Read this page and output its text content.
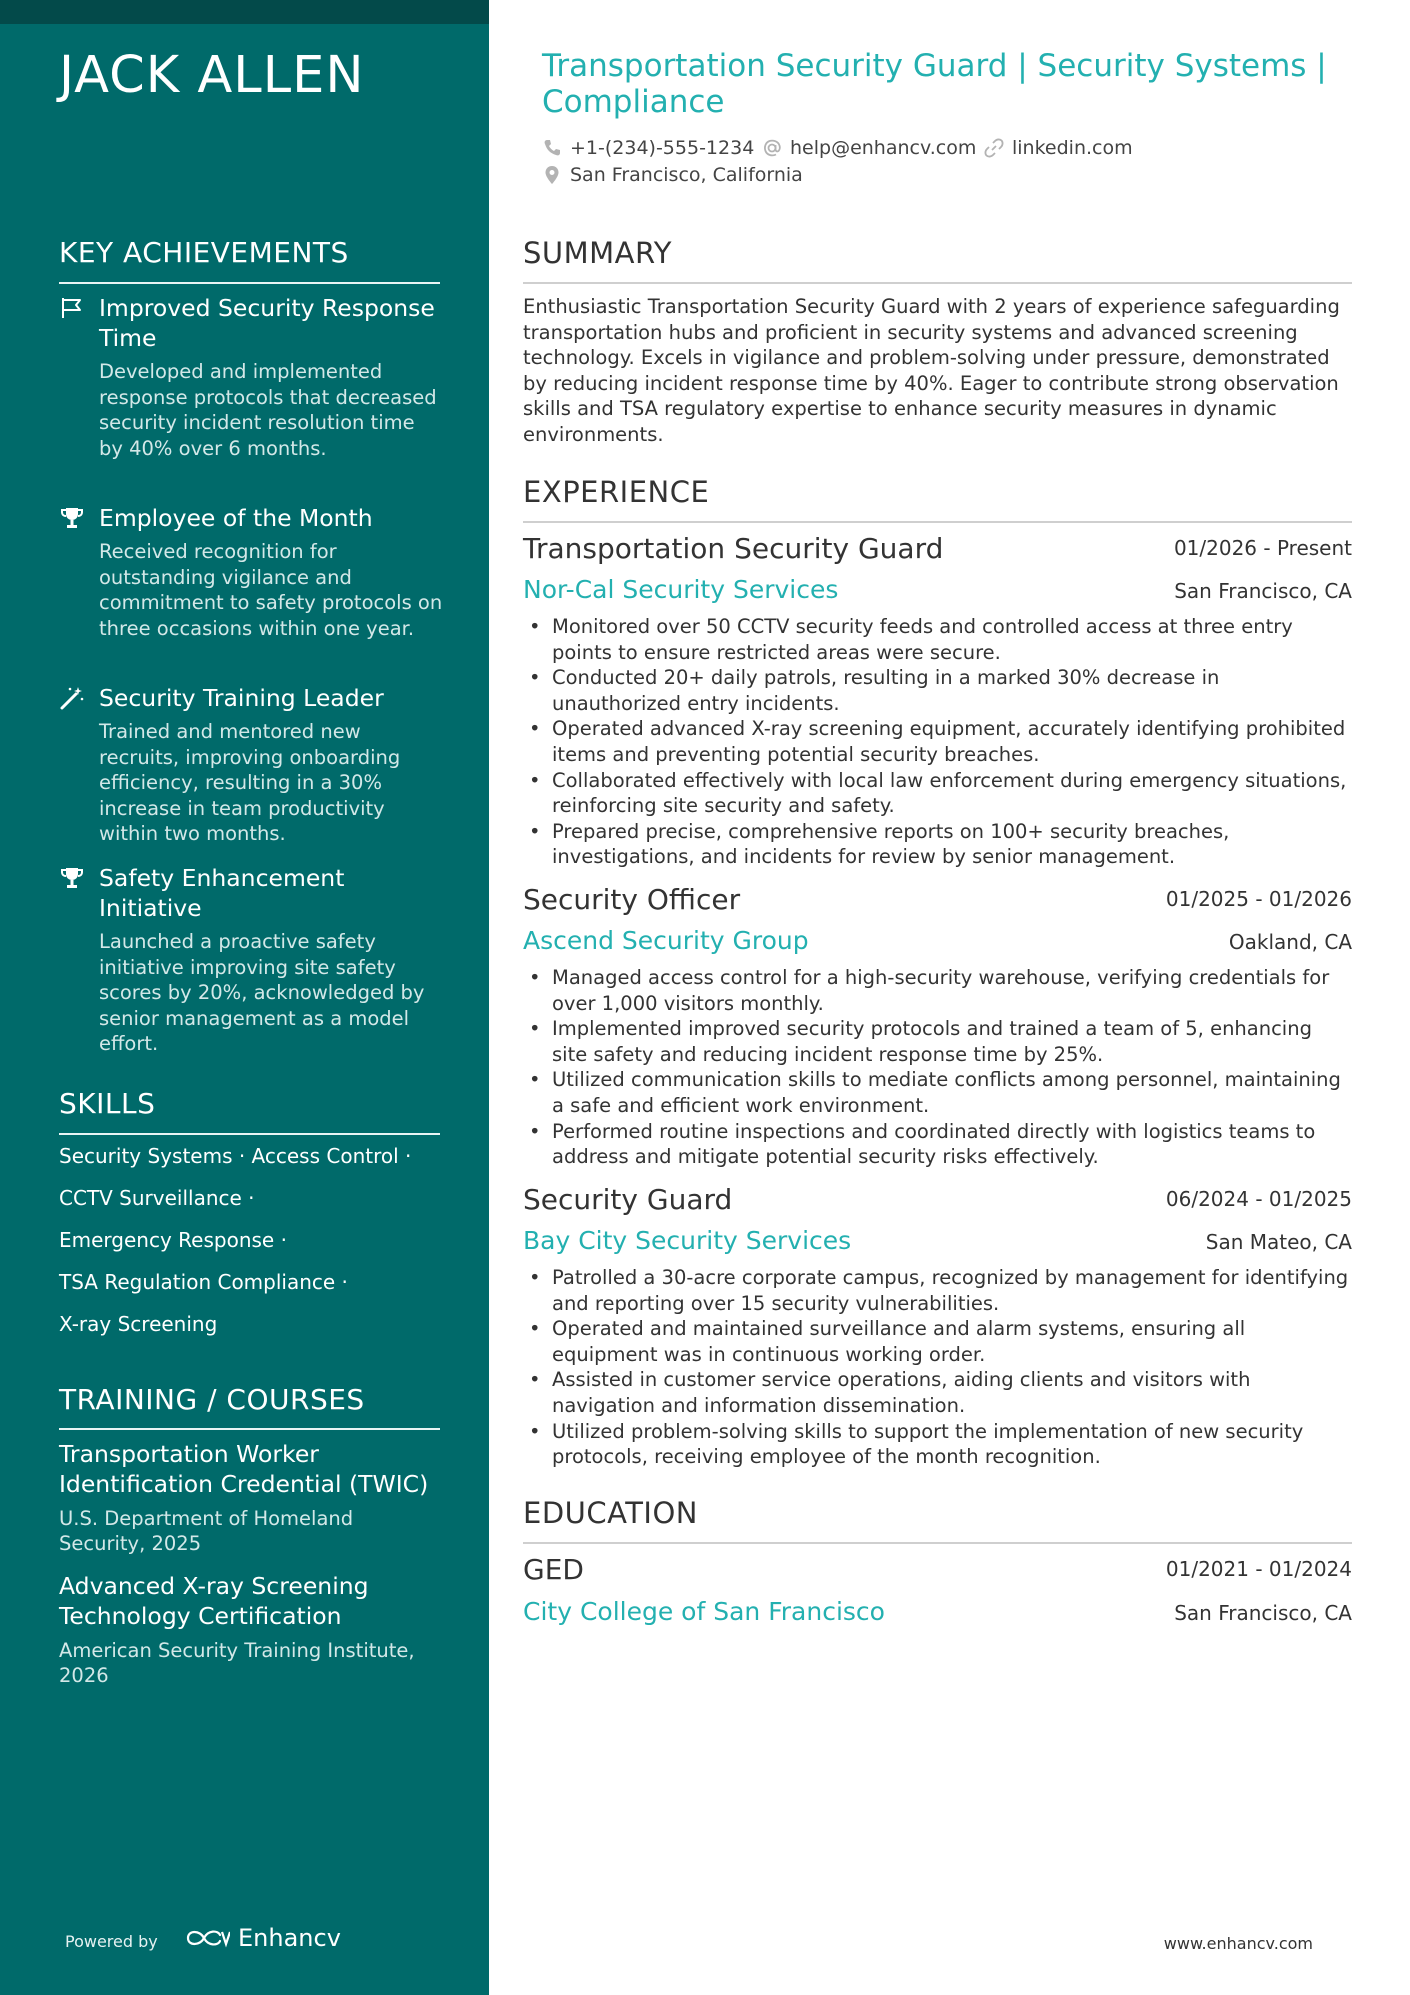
JACK ALLEN
KEY ACHIEVEMENTS
Improved Security Response Time
Developed and implemented response protocols that decreased security incident resolution time by 40% over 6 months.
Employee of the Month
Received recognition for outstanding vigilance and commitment to safety protocols on three occasions within one year.
Security Training Leader
Trained and mentored new recruits, improving onboarding efficiency, resulting in a 30% increase in team productivity within two months.
Safety Enhancement Initiative
Launched a proactive safety initiative improving site safety scores by 20%, acknowledged by senior management as a model effort.
SKILLS
Security Systems · Access Control ·
CCTV Surveillance ·
Emergency Response ·
TSA Regulation Compliance ·
X-ray Screening
TRAINING / COURSES
Transportation Worker Identification Credential (TWIC)
U.S. Department of Homeland Security, 2025
Advanced X-ray Screening Technology Certification
American Security Training Institute, 2026
Powered by	Enhancv
Transportation Security Guard | Security Systems | Compliance
+1-(234)-555-1234 help@enhancv.com linkedin.com
San Francisco, California
SUMMARY
Enthusiastic Transportation Security Guard with 2 years of experience safeguarding transportation hubs and proficient in security systems and advanced screening technology. Excels in vigilance and problem-solving under pressure, demonstrated by reducing incident response time by 40%. Eager to contribute strong observation skills and TSA regulatory expertise to enhance security measures in dynamic environments.
EXPERIENCE
Transportation Security Guard	01/2026 - Present
Nor-Cal Security Services	San Francisco, CA
• Monitored over 50 CCTV security feeds and controlled access at three entry points to ensure restricted areas were secure.
• Conducted 20+ daily patrols, resulting in a marked 30% decrease in unauthorized entry incidents.
• Operated advanced X-ray screening equipment, accurately identifying prohibited items and preventing potential security breaches.
• Collaborated effectively with local law enforcement during emergency situations, reinforcing site security and safety.
• Prepared precise, comprehensive reports on 100+ security breaches, investigations, and incidents for review by senior management.
Security Officer	01/2025 - 01/2026
Ascend Security Group	Oakland, CA
• Managed access control for a high-security warehouse, verifying credentials for over 1,000 visitors monthly.
• Implemented improved security protocols and trained a team of 5, enhancing site safety and reducing incident response time by 25%.
• Utilized communication skills to mediate conflicts among personnel, maintaining a safe and efficient work environment.
• Performed routine inspections and coordinated directly with logistics teams to address and mitigate potential security risks effectively.
Security Guard	06/2024 - 01/2025
Bay City Security Services	San Mateo, CA
• Patrolled a 30-acre corporate campus, recognized by management for identifying and reporting over 15 security vulnerabilities.
• Operated and maintained surveillance and alarm systems, ensuring all equipment was in continuous working order.
• Assisted in customer service operations, aiding clients and visitors with navigation and information dissemination.
• Utilized problem-solving skills to support the implementation of new security protocols, receiving employee of the month recognition.
EDUCATION
GED	01/2021 - 01/2024
City College of San Francisco	San Francisco, CA
www.enhancv.com
